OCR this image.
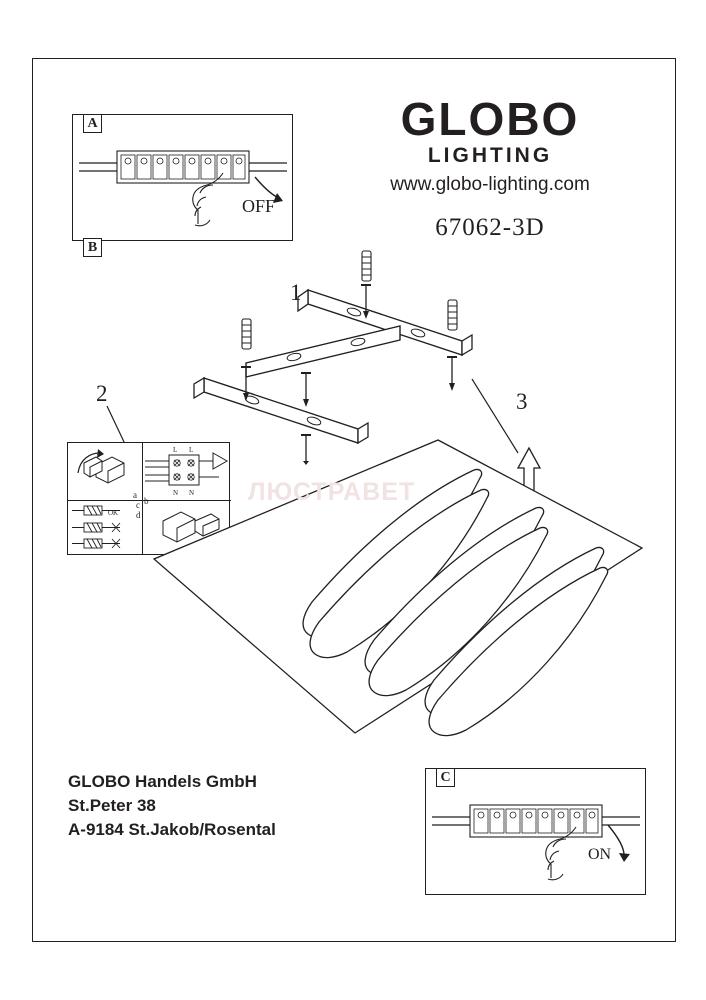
GLOBO
LIGHTING
www.globo-lighting.com
67062-3D
A
OFF
B
1
3
2
L L
N N
OK
a
b
c
d
ЛЮСТРАВЕТ
GLOBO Handels GmbH
St.Peter 38
A-9184 St.Jakob/Rosental
C
ON
